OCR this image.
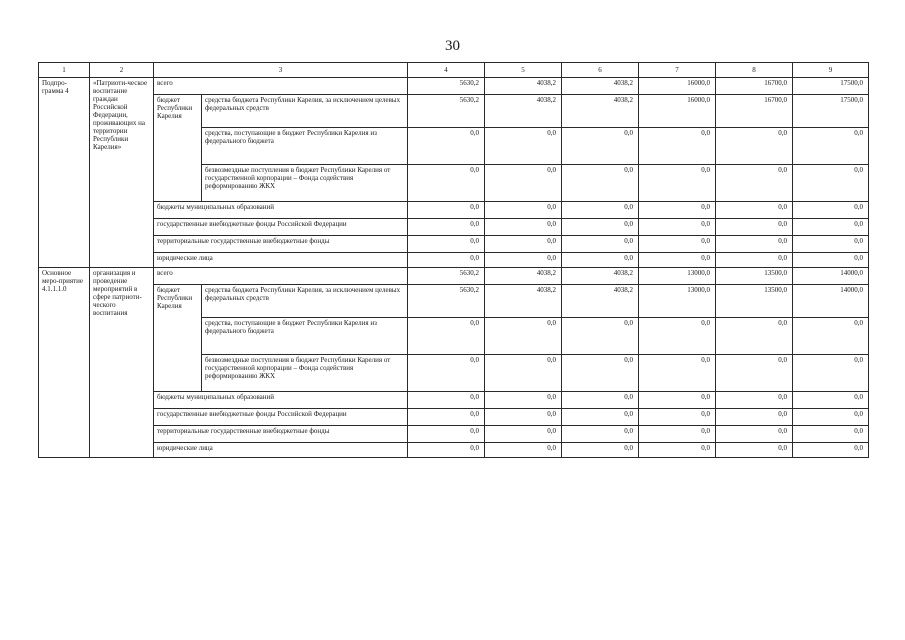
30
1	2	3		4	5	6	7	8	9
Подпро-грамма 4	«Патриоти-ческое воспитание граждан Российской Федерации, проживающих на территории Республики Карелия»	всего		5630,2	4038,2	4038,2	16000,0	16700,0	17500,0
		бюджет Республики Карелия	средства бюджета Республики Карелия, за исключением целевых федеральных средств	5630,2	4038,2	4038,2	16000,0	16700,0	17500,0
			средства, поступающие в бюджет Республики Карелия из федерального бюджета	0,0	0,0	0,0	0,0	0,0	0,0
			безвозмездные поступления в бюджет Республики Карелия от государственной корпорации – Фонда содействия реформированию ЖКХ	0,0	0,0	0,0	0,0	0,0	0,0
		бюджеты муниципальных образований		0,0	0,0	0,0	0,0	0,0	0,0
		государственные внебюджетные фонды Российской Федерации		0,0	0,0	0,0	0,0	0,0	0,0
		территориальные государственные внебюджетные фонды		0,0	0,0	0,0	0,0	0,0	0,0
		юридические лица		0,0	0,0	0,0	0,0	0,0	0,0
Основное меро-приятие 4.1.1.1.0	организация и проведение мероприятий в сфере патриоти-ческого воспитания	всего		5630,2	4038,2	4038,2	13000,0	13500,0	14000,0
		бюджет Республики Карелия	средства бюджета Республики Карелия, за исключением целевых федеральных средств	5630,2	4038,2	4038,2	13000,0	13500,0	14000,0
			средства, поступающие в бюджет Республики Карелия из федерального бюджета	0,0	0,0	0,0	0,0	0,0	0,0
			безвозмездные поступления в бюджет Республики Карелия от государственной корпорации – Фонда содействия реформированию ЖКХ	0,0	0,0	0,0	0,0	0,0	0,0
		бюджеты муниципальных образований		0,0	0,0	0,0	0,0	0,0	0,0
		государственные внебюджетные фонды Российской Федерации		0,0	0,0	0,0	0,0	0,0	0,0
		территориальные государственные внебюджетные фонды		0,0	0,0	0,0	0,0	0,0	0,0
		юридические лица		0,0	0,0	0,0	0,0	0,0	0,0
